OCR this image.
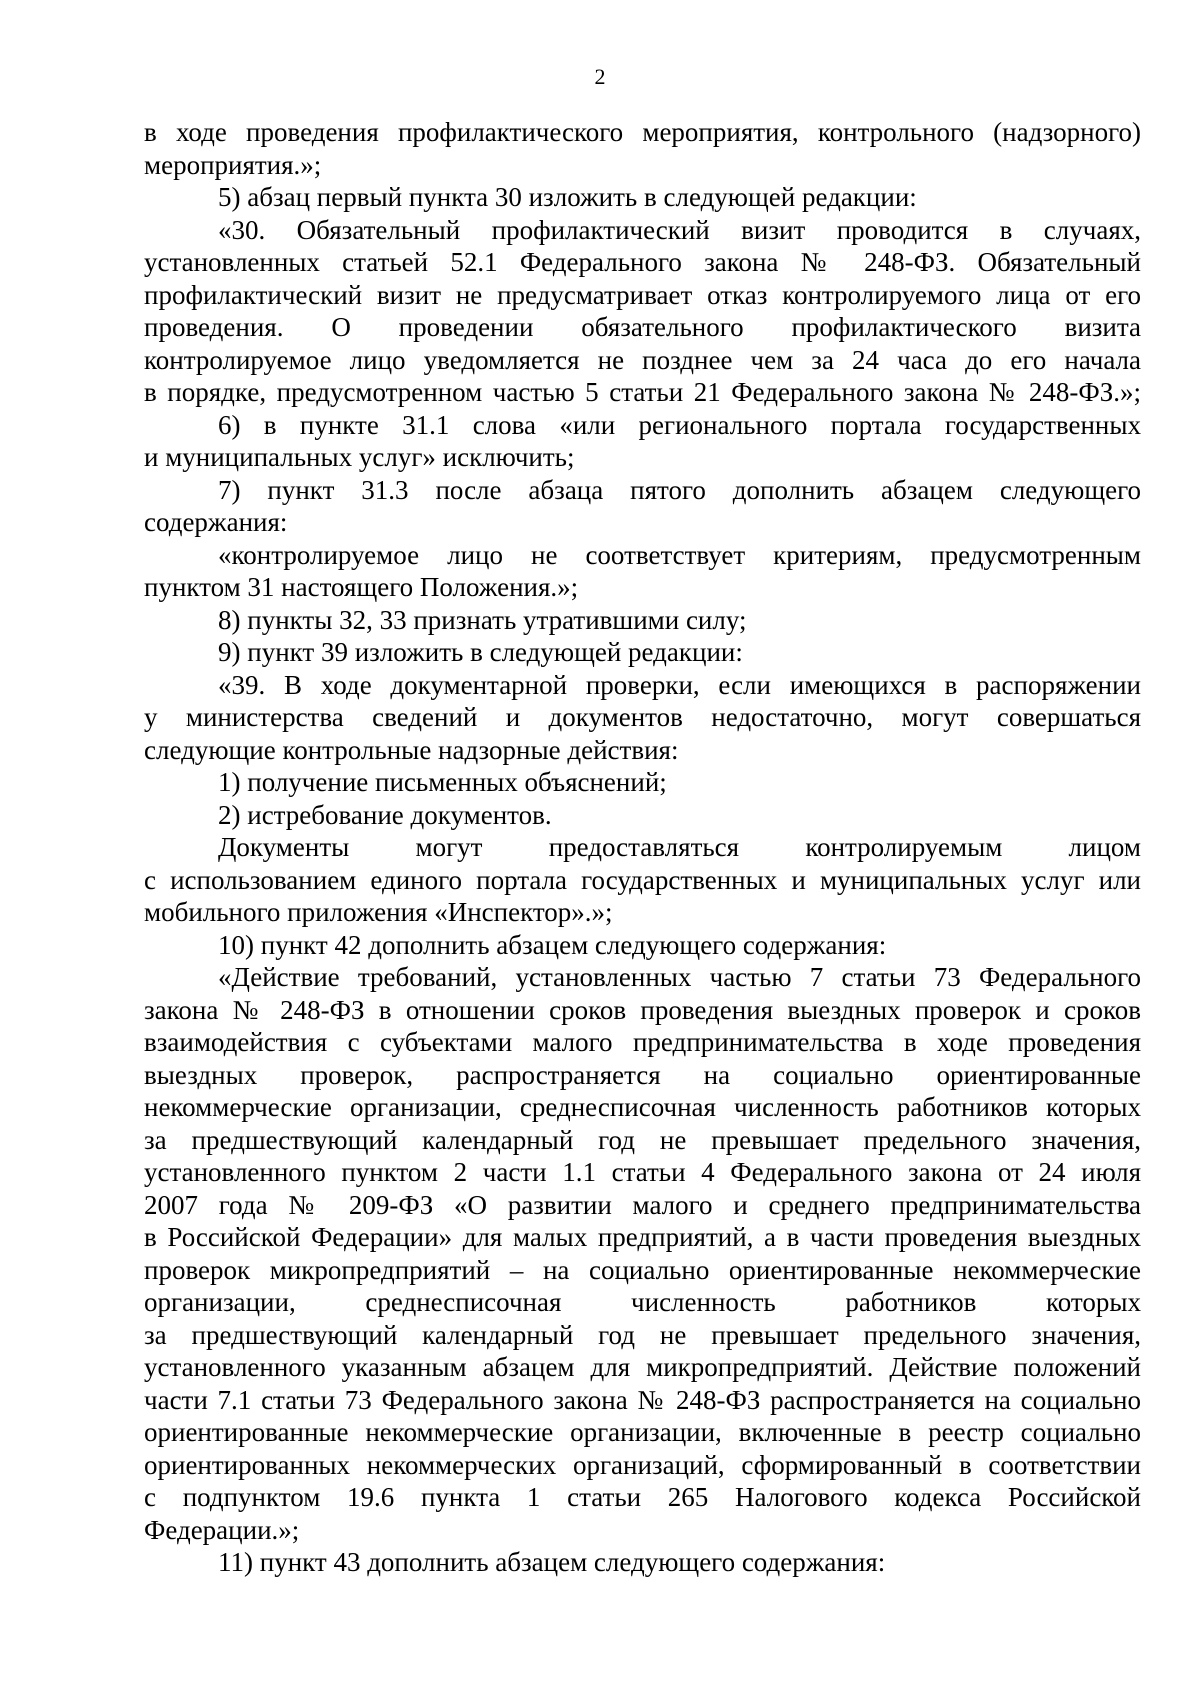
2
в ходе проведения профилактического мероприятия, контрольного (надзорного)
мероприятия.»;
5) абзац первый пункта 30 изложить в следующей редакции:
«30. Обязательный профилактический визит проводится в случаях,
установленных статьей 52.1 Федерального закона № 248-ФЗ. Обязательный
профилактический визит не предусматривает отказ контролируемого лица от его
проведения. О проведении обязательного профилактического визита
контролируемое лицо уведомляется не позднее чем за 24 часа до его начала
в порядке, предусмотренном частью 5 статьи 21 Федерального закона № 248-ФЗ.»;
6) в пункте 31.1 слова «или регионального портала государственных
и муниципальных услуг» исключить;
7) пункт 31.3 после абзаца пятого дополнить абзацем следующего
содержания:
«контролируемое лицо не соответствует критериям, предусмотренным
пунктом 31 настоящего Положения.»;
8) пункты 32, 33 признать утратившими силу;
9) пункт 39 изложить в следующей редакции:
«39. В ходе документарной проверки, если имеющихся в распоряжении
у министерства сведений и документов недостаточно, могут совершаться
следующие контрольные надзорные действия:
1) получение письменных объяснений;
2) истребование документов.
Документы могут предоставляться контролируемым лицом
с использованием единого портала государственных и муниципальных услуг или
мобильного приложения «Инспектор».»;
10) пункт 42 дополнить абзацем следующего содержания:
«Действие требований, установленных частью 7 статьи 73 Федерального
закона № 248-ФЗ в отношении сроков проведения выездных проверок и сроков
взаимодействия с субъектами малого предпринимательства в ходе проведения
выездных проверок, распространяется на социально ориентированные
некоммерческие организации, среднесписочная численность работников которых
за предшествующий календарный год не превышает предельного значения,
установленного пунктом 2 части 1.1 статьи 4 Федерального закона от 24 июля
2007 года № 209-ФЗ «О развитии малого и среднего предпринимательства
в Российской Федерации» для малых предприятий, а в части проведения выездных
проверок микропредприятий – на социально ориентированные некоммерческие
организации, среднесписочная численность работников которых
за предшествующий календарный год не превышает предельного значения,
установленного указанным абзацем для микропредприятий. Действие положений
части 7.1 статьи 73 Федерального закона № 248-ФЗ распространяется на социально
ориентированные некоммерческие организации, включенные в реестр социально
ориентированных некоммерческих организаций, сформированный в соответствии
с подпунктом 19.6 пункта 1 статьи 265 Налогового кодекса Российской
Федерации.»;
11) пункт 43 дополнить абзацем следующего содержания:
